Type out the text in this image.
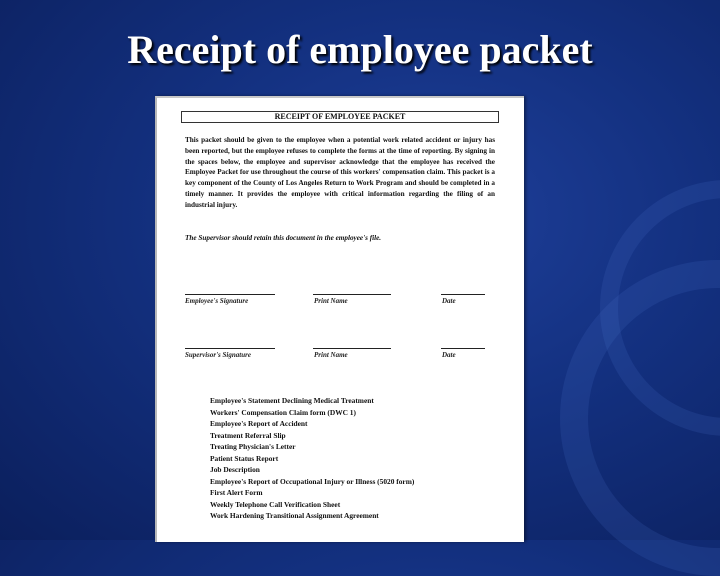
Receipt of employee packet
RECEIPT OF EMPLOYEE PACKET

This packet should be given to the employee when a potential work related accident or injury has been reported, but the employee refuses to complete the forms at the time of reporting. By signing in the spaces below, the employee and supervisor acknowledge that the employee has received the Employee Packet for use throughout the course of this workers' compensation claim. This packet is a key component of the County of Los Angeles Return to Work Program and should be completed in a timely manner. It provides the employee with critical information regarding the filing of an industrial injury.

The Supervisor should retain this document in the employee's file.

Employee's Signature	Print Name	Date
Supervisor's Signature	Print Name	Date
Employee's Statement Declining Medical Treatment
Workers' Compensation Claim form (DWC 1)
Employee's Report of Accident
Treatment Referral Slip
Treating Physician's Letter
Patient Status Report
Job Description
Employee's Report of Occupational Injury or Illness (5020 form)
First Alert Form
Weekly Telephone Call Verification Sheet
Work Hardening Transitional Assignment Agreement
